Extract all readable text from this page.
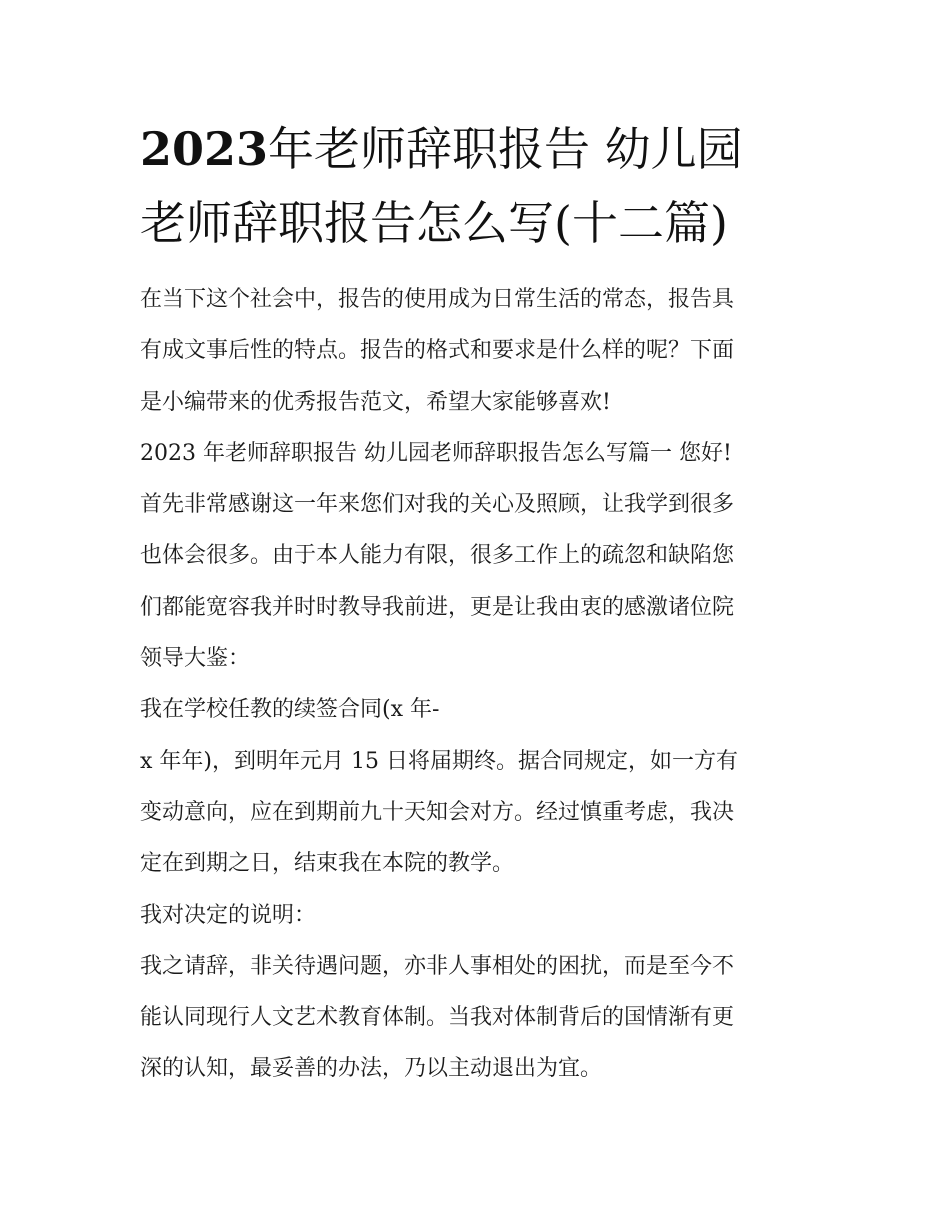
2023年老师辞职报告 幼儿园
老师辞职报告怎么写(十二篇)
在当下这个社会中，报告的使用成为日常生活的常态，报告具
有成文事后性的特点。报告的格式和要求是什么样的呢？下面
是小编带来的优秀报告范文，希望大家能够喜欢!
2023 年老师辞职报告 幼儿园老师辞职报告怎么写篇一 您好!
首先非常感谢这一年来您们对我的关心及照顾，让我学到很多
也体会很多。由于本人能力有限，很多工作上的疏忽和缺陷您
们都能宽容我并时时教导我前进，更是让我由衷的感激诸位院
领导大鉴：
我在学校任教的续签合同(x 年-
x 年年)，到明年元月 15 日将届期终。据合同规定，如一方有
变动意向，应在到期前九十天知会对方。经过慎重考虑，我决
定在到期之日，结束我在本院的教学。
我对决定的说明：
我之请辞，非关待遇问题，亦非人事相处的困扰，而是至今不
能认同现行人文艺术教育体制。当我对体制背后的国情渐有更
深的认知，最妥善的办法，乃以主动退出为宜。
